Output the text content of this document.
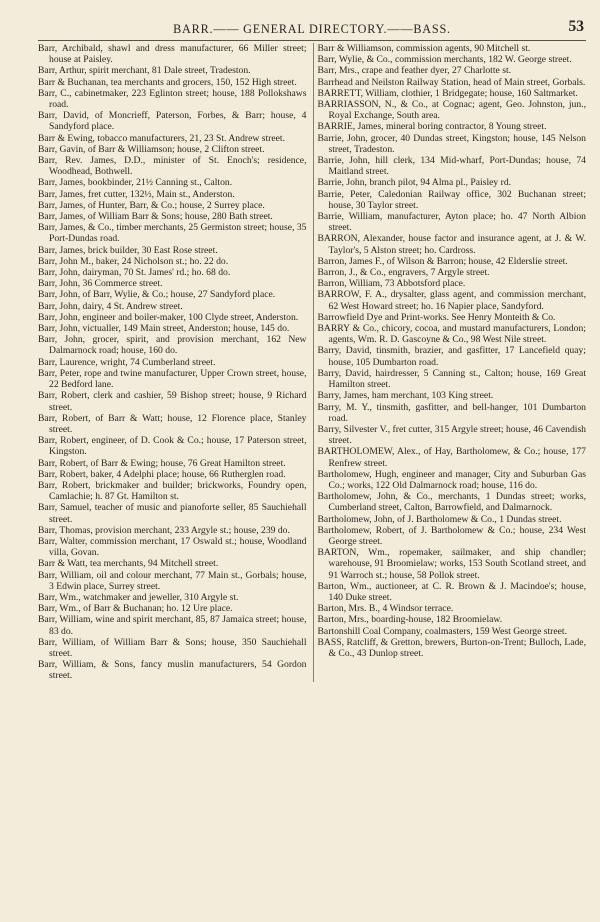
BARR.—— GENERAL DIRECTORY.——BASS.	53

Barr, Archibald, shawl and dress manufacturer, 66 Miller street; house at Paisley.

Barr, Arthur, spirit merchant, 81 Dale street, Tradeston.

Barr & Buchanan, tea merchants and grocers, 150, 152 High street.

Barr, C., cabinetmaker, 223 Eglinton street; house, 188 Pollokshaws road.

Barr, David, of Moncrieff, Paterson, Forbes, & Barr; house, 4 Sandyford place.

Barr & Ewing, tobacco manufacturers, 21, 23 St. Andrew street.

Barr, Gavin, of Barr & Williamson; house, 2 Clifton street.

Barr, Rev. James, D.D., minister of St. Enoch's; residence, Woodhead, Bothwell.

Barr, James, bookbinder, 21½ Canning st., Calton.

Barr, James, fret cutter, 132½, Main st., Anderston.

Barr, James, of Hunter, Barr, & Co.; house, 2 Surrey place.

Barr, James, of William Barr & Sons; house, 280 Bath street.

Barr, James, & Co., timber merchants, 25 Germiston street; house, 35 Port-Dundas road.

Barr, James, brick builder, 30 East Rose street.

Barr, John M., baker, 24 Nicholson st.; ho. 22 do.

Barr, John, dairyman, 70 St. James' rd.; ho. 68 do.

Barr, John, 36 Commerce street.

Barr, John, of Barr, Wylie, & Co.; house, 27 Sandyford place.

Barr, John, dairy, 4 St. Andrew street.

Barr, John, engineer and boiler-maker, 100 Clyde street, Anderston.

Barr, John, victualler, 149 Main street, Anderston; house, 145 do.

Barr, John, grocer, spirit, and provision merchant, 162 New Dalmarnock road; house, 160 do.

Barr, Laurence, wright, 74 Cumberland street.

Barr, Peter, rope and twine manufacturer, Upper Crown street, house, 22 Bedford lane.

Barr, Robert, clerk and cashier, 59 Bishop street; house, 9 Richard street.

Barr, Robert, of Barr & Watt; house, 12 Florence place, Stanley street.

Barr, Robert, engineer, of D. Cook & Co.; house, 17 Paterson street, Kingston.

Barr, Robert, of Barr & Ewing; house, 76 Great Hamilton street.

Barr, Robert, baker, 4 Adelphi place; house, 66 Rutherglen road.

Barr, Robert, brickmaker and builder; brickworks, Foundry open, Camlachie; h. 87 Gt. Hamilton st.

Barr, Samuel, teacher of music and pianoforte seller, 85 Sauchiehall street.

Barr, Thomas, provision merchant, 233 Argyle st.; house, 239 do.

Barr, Walter, commission merchant, 17 Oswald st.; house, Woodland villa, Govan.

Barr & Watt, tea merchants, 94 Mitchell street.

Barr, William, oil and colour merchant, 77 Main st., Gorbals; house, 3 Edwin place, Surrey street.

Barr, Wm., watchmaker and jeweller, 310 Argyle st.

Barr, Wm., of Barr & Buchanan; ho. 12 Ure place.

Barr, William, wine and spirit merchant, 85, 87 Jamaica street; house, 83 do.

Barr, William, of William Barr & Sons; house, 350 Sauchiehall street.

Barr, William, & Sons, fancy muslin manufacturers, 54 Gordon street.

Barr & Williamson, commission agents, 90 Mitchell st.

Barr, Wylie, & Co., commission merchants, 182 W. George street.

Barr, Mrs., crape and feather dyer, 27 Charlotte st.

Barrhead and Neilston Railway Station, head of Main street, Gorbals.

BARRETT, William, clothier, 1 Bridgegate; house, 160 Saltmarket.

BARRIASSON, N., & Co., at Cognac; agent, Geo. Johnston, jun., Royal Exchange, South area.

BARRIE, James, mineral boring contractor, 8 Young street.

Barrie, John, grocer, 40 Dundas street, Kingston; house, 145 Nelson street, Tradeston.

Barrie, John, hill clerk, 134 Mid-wharf, Port-Dundas; house, 74 Maitland street.

Barrie, John, branch pilot, 94 Alma pl., Paisley rd.

Barrie, Peter, Caledonian Railway office, 302 Buchanan street; house, 30 Taylor street.

Barrie, William, manufacturer, Ayton place; ho. 47 North Albion street.

BARRON, Alexander, house factor and insurance agent, at J. & W. Taylor's, 5 Alston street; ho. Cardross.

Barron, James F., of Wilson & Barron; house, 42 Elderslie street.

Barron, J., & Co., engravers, 7 Argyle street.

Barron, William, 73 Abbotsford place.

BARROW, F. A., drysalter, glass agent, and commission merchant, 62 West Howard street; ho. 16 Napier place, Sandyford.

Barrowfield Dye and Print-works. See Henry Monteith & Co.

BARRY & Co., chicory, cocoa, and mustard manufacturers, London; agents, Wm. R. D. Gascoyne & Co., 98 West Nile street.

Barry, David, tinsmith, brazier, and gasfitter, 17 Lancefield quay; house, 105 Dumbarton road.

Barry, David, hairdresser, 5 Canning st., Calton; house, 169 Great Hamilton street.

Barry, James, ham merchant, 103 King street.

Barry, M. Y., tinsmith, gasfitter, and bell-hanger, 101 Dumbarton road.

Barry, Silvester V., fret cutter, 315 Argyle street; house, 46 Cavendish street.

BARTHOLOMEW, Alex., of Hay, Bartholomew, & Co.; house, 177 Renfrew street.

Bartholomew, Hugh, engineer and manager, City and Suburban Gas Co.; works, 122 Old Dalmarnock road; house, 116 do.

Bartholomew, John, & Co., merchants, 1 Dundas street; works, Cumberland street, Calton, Barrowfield, and Dalmarnock.

Bartholomew, John, of J. Bartholomew & Co., 1 Dundas street.

Bartholomew, Robert, of J. Bartholomew & Co.; house, 234 West George street.

BARTON, Wm., ropemaker, sailmaker, and ship chandler; warehouse, 91 Broomielaw; works, 153 South Scotland street, and 91 Warroch st.; house, 58 Pollok street.

Barton, Wm., auctioneer, at C. R. Brown & J. Macindoe's; house, 140 Duke street.

Barton, Mrs. B., 4 Windsor terrace.

Barton, Mrs., boarding-house, 182 Broomielaw.

Bartonshill Coal Company, coalmasters, 159 West George street.

BASS, Ratcliff, & Gretton, brewers, Burton-on-Trent; Bulloch, Lade, & Co., 43 Dunlop street.
